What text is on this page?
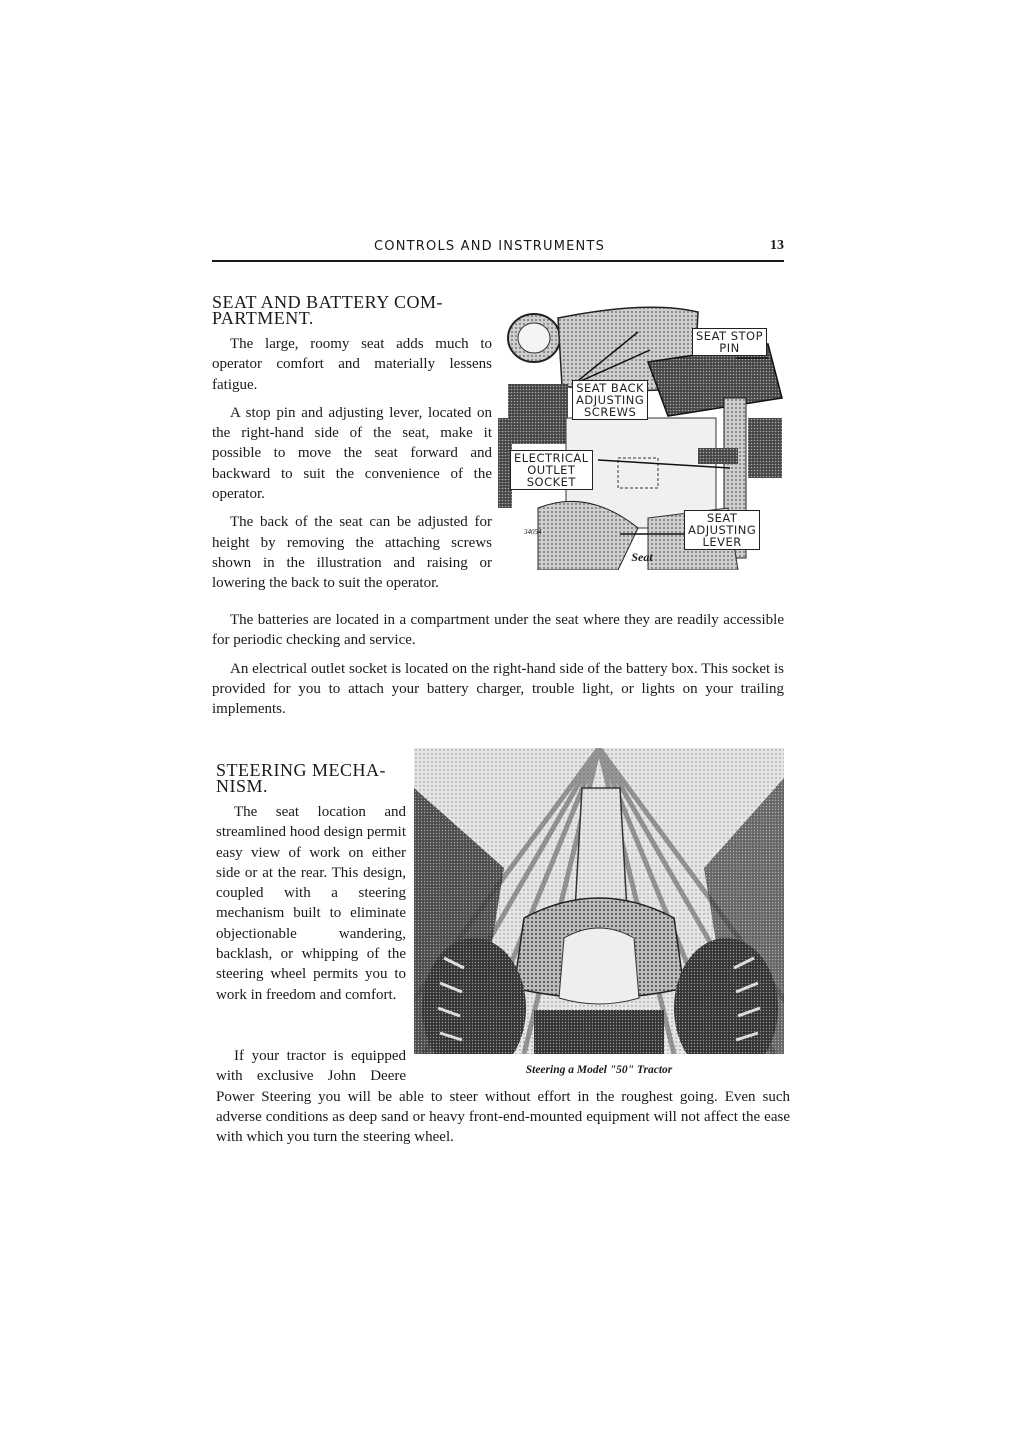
CONTROLS AND INSTRUMENTS	13
SEAT AND BATTERY COM-
PARTMENT.

The large, roomy seat adds much to operator comfort and materially lessens fatigue.

A stop pin and adjusting lever, located on the right-hand side of the seat, make it possible to move the seat forward and backward to suit the convenience of the operator.

The back of the seat can be adjusted for height by removing the attaching screws shown in the illustration and raising or lowering the back to suit the operator.

SEAT STOP
PIN
SEAT BACK
ADJUSTING
SCREWS
ELECTRICAL
OUTLET
SOCKET
SEAT
ADJUSTING
LEVER
34054
Seat

The batteries are located in a compartment under the seat where they are readily accessible for periodic checking and service.

An electrical outlet socket is located on the right-hand side of the battery box. This socket is provided for you to attach your battery charger, trouble light, or lights on your trailing implements.

STEERING MECHA-
NISM.

The seat location and streamlined hood design permit easy view of work on either side or at the rear. This design, coupled with a steering mechanism built to eliminate objectionable wandering, backlash, or whipping of the steering wheel permits you to work in freedom and comfort.

Steering a Model "50" Tractor

If your tractor is equipped with exclusive John Deere Power Steering you will be able to steer without effort in the roughest going. Even such adverse conditions as deep sand or heavy front-end-mounted equipment will not affect the ease with which you turn the steering wheel.
